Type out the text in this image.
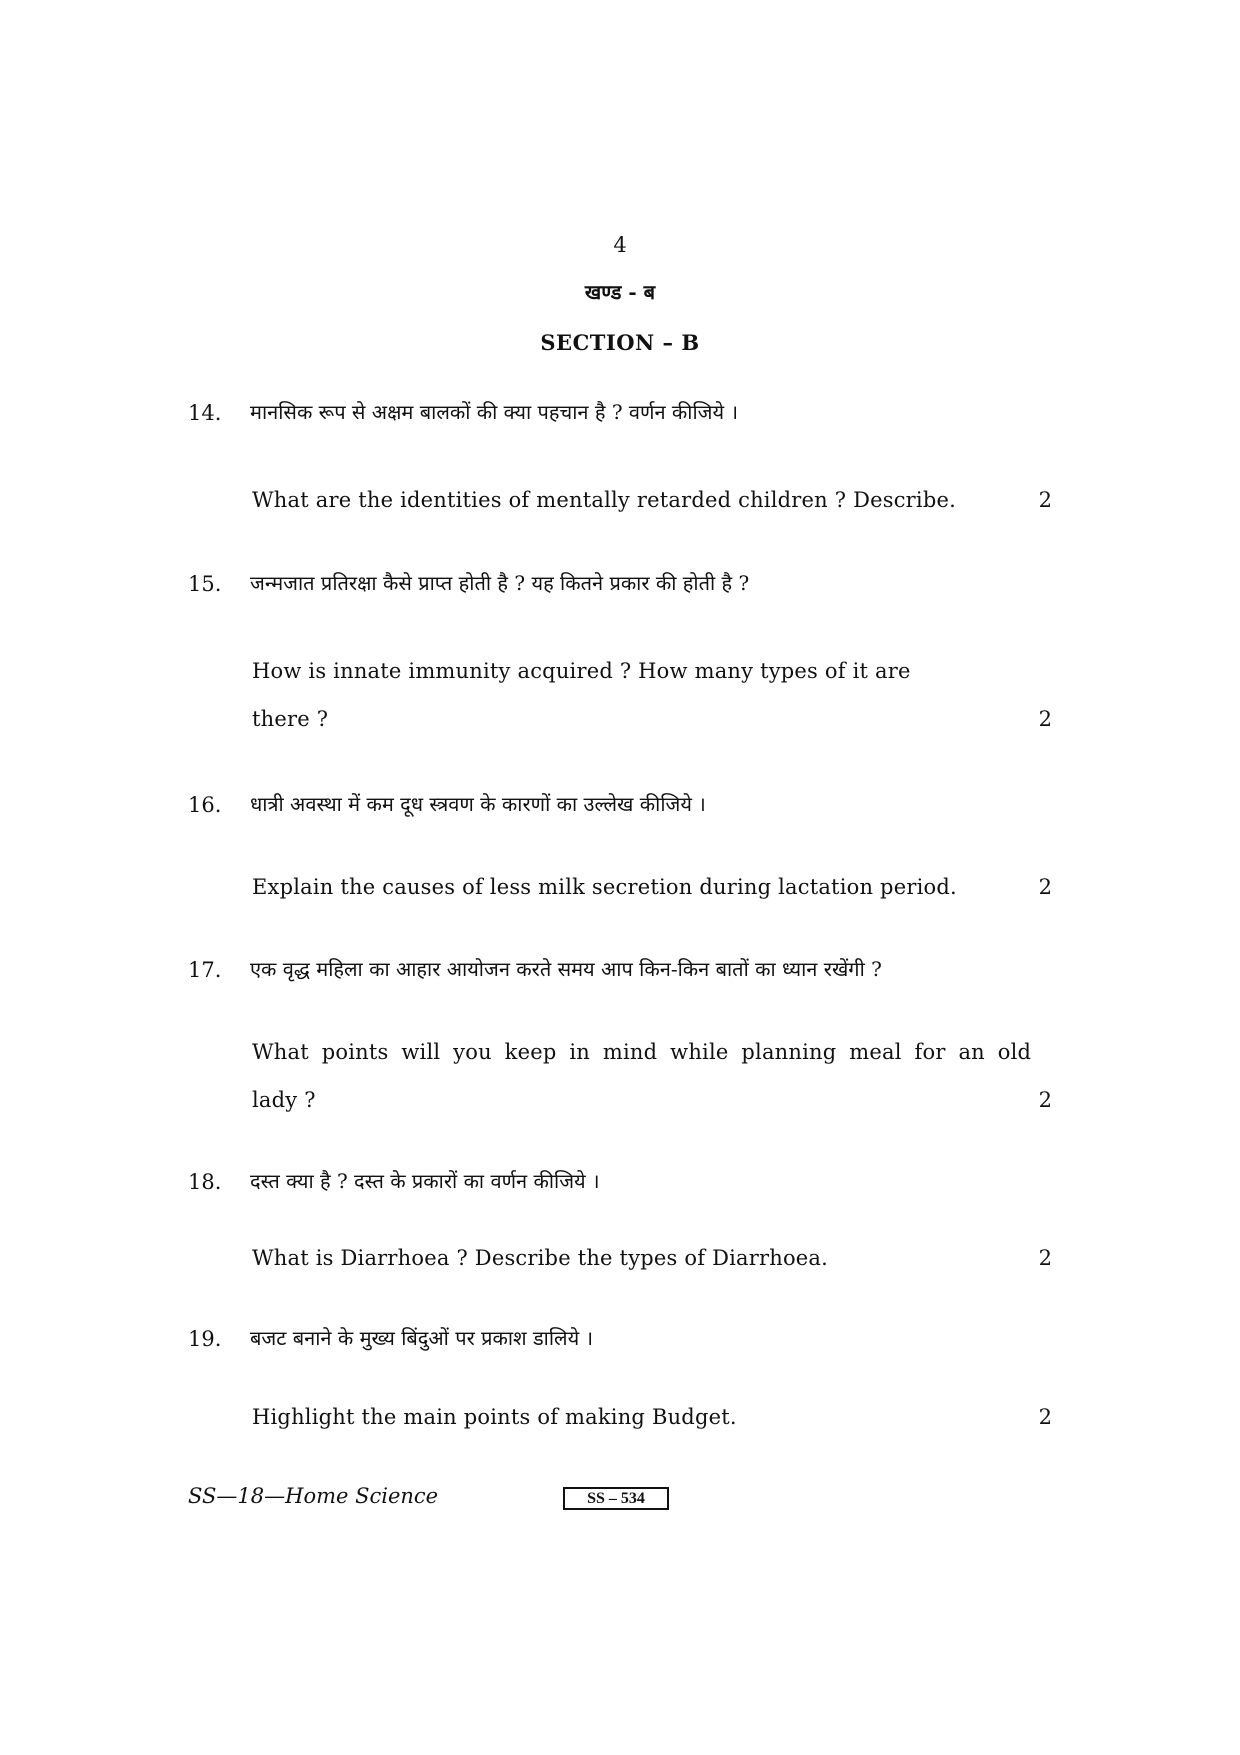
4
खण्ड - ब
SECTION – B
14.	मानसिक रूप से अक्षम बालकों की क्या पहचान है ? वर्णन कीजिये ।
What are the identities of mentally retarded children ? Describe.	2
15.	जन्मजात प्रतिरक्षा कैसे प्राप्त होती है ? यह कितने प्रकार की होती है ?
How is innate immunity acquired ? How many types of it are
there ?	2
16.	धात्री अवस्था में कम दूध स्त्रवण के कारणों का उल्लेख कीजिये ।
Explain the causes of less milk secretion during lactation period.	2
17.	एक वृद्ध महिला का आहार आयोजन करते समय आप किन-किन बातों का ध्यान रखेंगी ?
What points will you keep in mind while planning meal for an old
lady ?	2
18.	दस्त क्या है ? दस्त के प्रकारों का वर्णन कीजिये ।
What is Diarrhoea ? Describe the types of Diarrhoea.	2
19.	बजट बनाने के मुख्य बिंदुओं पर प्रकाश डालिये ।
Highlight the main points of making Budget.	2
SS—18—Home Science	SS – 534
